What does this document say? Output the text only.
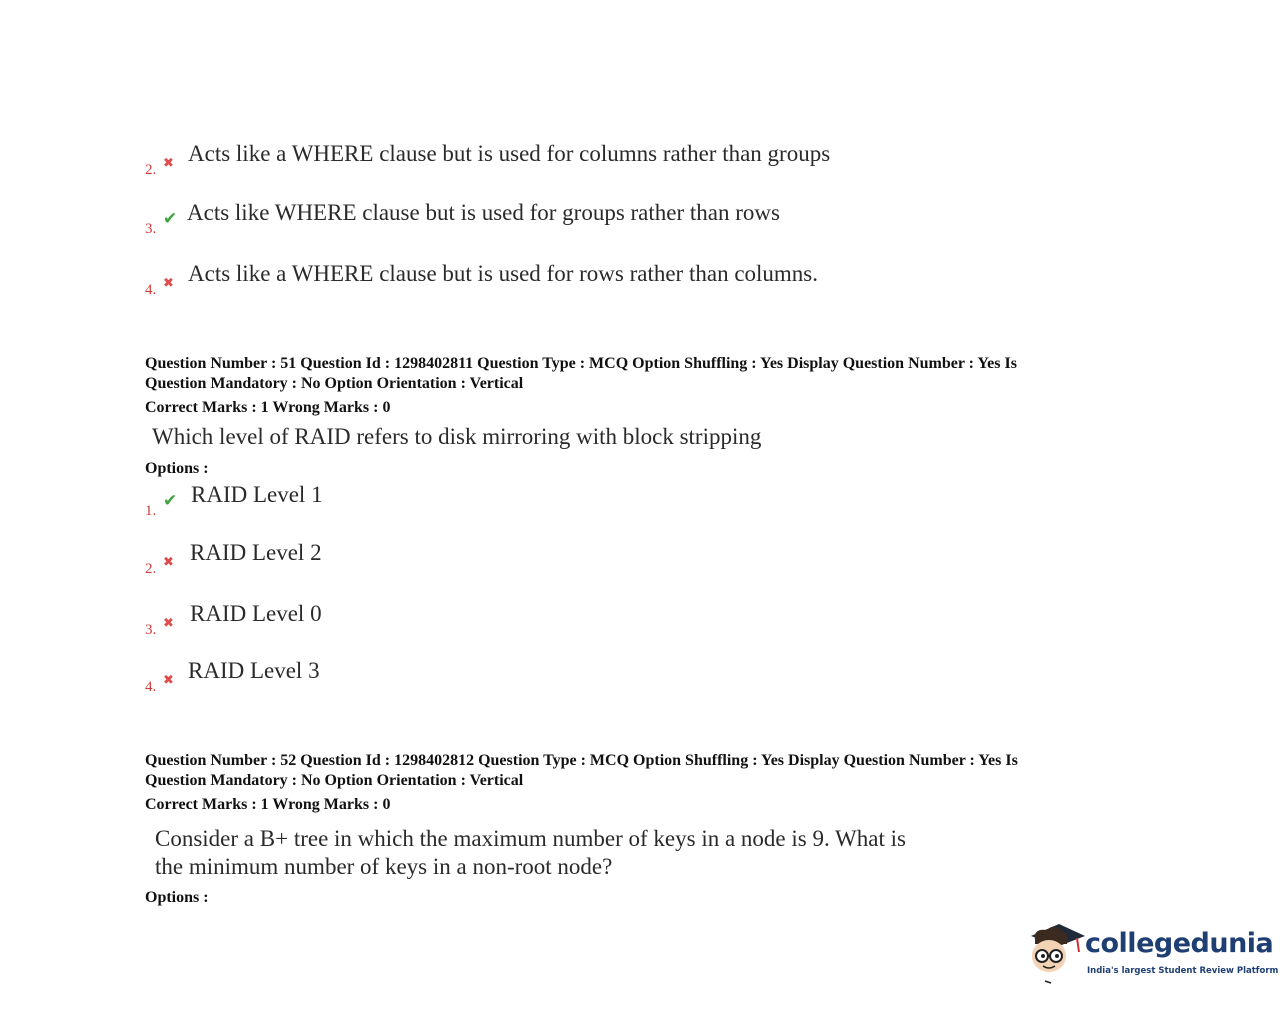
2. ✖ Acts like a WHERE clause but is used for columns rather than groups
3.
✔ Acts like WHERE clause but is used for groups rather than rows
4. ✖ Acts like a WHERE clause but is used for rows rather than columns.
Question Number : 51 Question Id : 1298402811 Question Type : MCQ Option Shuffling : Yes Display Question Number : Yes Is
Question Mandatory : No Option Orientation : Vertical
Correct Marks : 1 Wrong Marks : 0
Which level of RAID refers to disk mirroring with block stripping
Options :
1.
✔ RAID Level 1
2. ✖ RAID Level 2
3. ✖ RAID Level 0
4. ✖ RAID Level 3
Question Number : 52 Question Id : 1298402812 Question Type : MCQ Option Shuffling : Yes Display Question Number : Yes Is
Question Mandatory : No Option Orientation : Vertical
Correct Marks : 1 Wrong Marks : 0
Consider a B+ tree in which the maximum number of keys in a node is 9. What is
the minimum number of keys in a non-root node?
Options :
collegedunia
India's largest Student Review Platform
